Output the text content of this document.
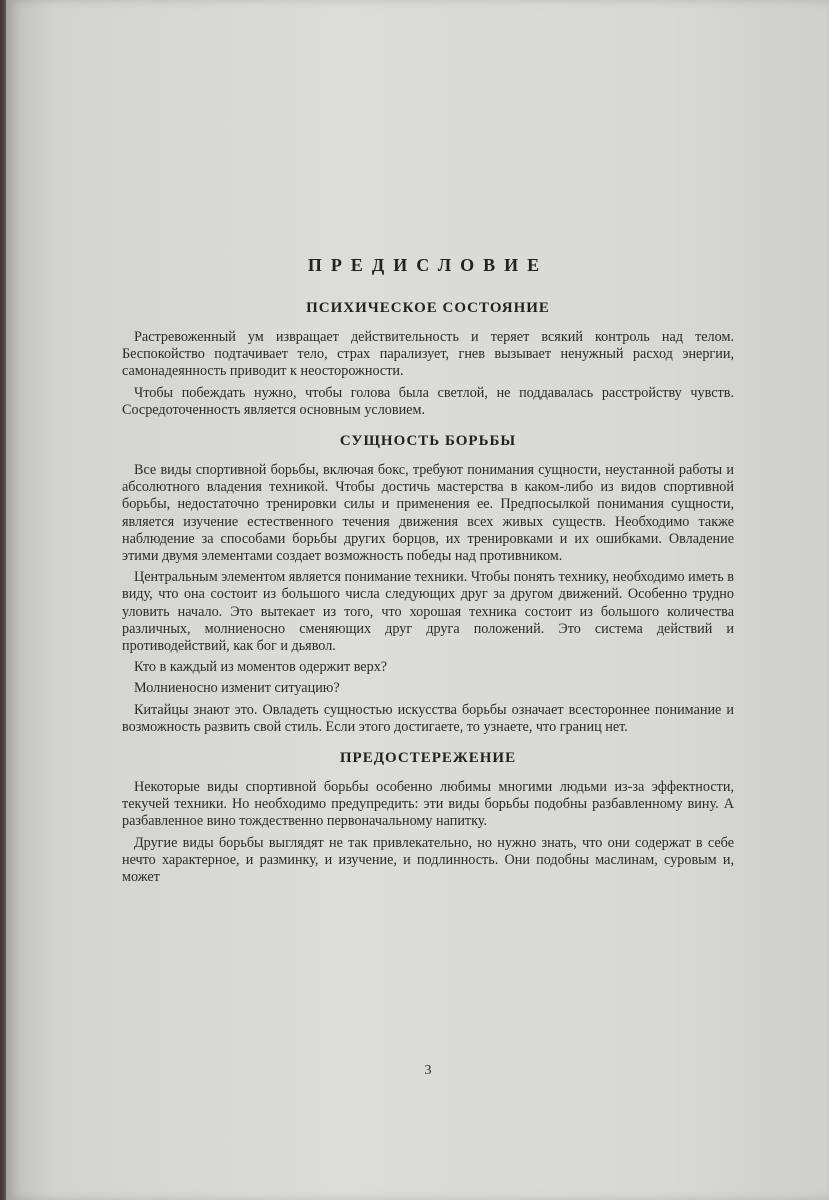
ПРЕДИСЛОВИЕ
ПСИХИЧЕСКОЕ СОСТОЯНИЕ

Растревоженный ум извращает действительность и теряет всякий контроль над телом. Беспокойство подтачивает тело, страх парализует, гнев вызывает ненужный расход энергии, самонадеянность приводит к неосторожности.

Чтобы побеждать нужно, чтобы голова была светлой, не поддавалась расстройству чувств. Сосредоточенность является основным условием.

СУЩНОСТЬ БОРЬБЫ

Все виды спортивной борьбы, включая бокс, требуют понимания сущности, неустанной работы и абсолютного владения техникой. Чтобы достичь мастерства в каком-либо из видов спортивной борьбы, недостаточно тренировки силы и применения ее. Предпосылкой понимания сущности, является изучение естественного течения движения всех живых существ. Необходимо также наблюдение за способами борьбы других борцов, их тренировками и их ошибками. Овладение этими двумя элементами создает возможность победы над противником.

Центральным элементом является понимание техники. Чтобы понять технику, необходимо иметь в виду, что она состоит из большого числа следующих друг за другом движений. Особенно трудно уловить начало. Это вытекает из того, что хорошая техника состоит из большого количества различных, молниеносно сменяющих друг друга положений. Это система действий и противодействий, как бог и дьявол.

Кто в каждый из моментов одержит верх?

Молниеносно изменит ситуацию?

Китайцы знают это. Овладеть сущностью искусства борьбы означает всестороннее понимание и возможность развить свой стиль. Если этого достигаете, то узнаете, что границ нет.

ПРЕДОСТЕРЕЖЕНИЕ

Некоторые виды спортивной борьбы особенно любимы многими людьми из-за эффектности, текучей техники. Но необходимо предупредить: эти виды борьбы подобны разбавленному вину. А разбавленное вино тождественно первоначальному напитку.

Другие виды борьбы выглядят не так привлекательно, но нужно знать, что они содержат в себе нечто характерное, и разминку, и изучение, и подлинность. Они подобны маслинам, суровым и, может

3
